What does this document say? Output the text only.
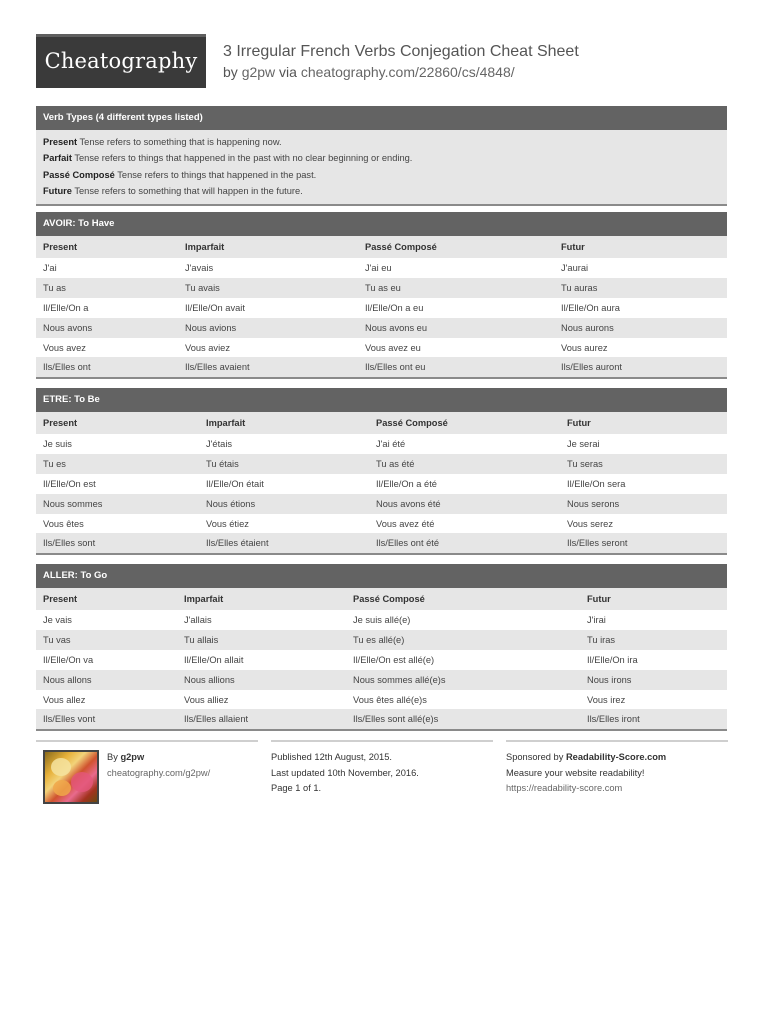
Cheatography	3 Irregular French Verbs Conjegation Cheat Sheet
by g2pw via cheatography.com/22860/cs/4848/
Verb Types (4 different types listed)
Present Tense refers to something that is happening now.
Parfait Tense refers to things that happened in the past with no clear beginning or ending.
Passé Composé Tense refers to things that happened in the past.
Future Tense refers to something that will happen in the future.
AVOIR: To Have
Present	Imparfait	Passé Composé	Futur
J'ai	J'avais	J'ai eu	J'aurai
Tu as	Tu avais	Tu as eu	Tu auras
Il/Elle/On a	Il/Elle/On avait	Il/Elle/On a eu	Il/Elle/On aura
Nous avons	Nous avions	Nous avons eu	Nous aurons
Vous avez	Vous aviez	Vous avez eu	Vous aurez
Ils/Elles ont	Ils/Elles avaient	Ils/Elles ont eu	Ils/Elles auront
ETRE: To Be
Present	Imparfait	Passé Composé	Futur
Je suis	J'étais	J'ai été	Je serai
Tu es	Tu étais	Tu as été	Tu seras
Il/Elle/On est	Il/Elle/On était	Il/Elle/On a été	Il/Elle/On sera
Nous sommes	Nous étions	Nous avons été	Nous serons
Vous êtes	Vous étiez	Vous avez été	Vous serez
Ils/Elles sont	Ils/Elles étaient	Ils/Elles ont été	Ils/Elles seront
ALLER: To Go
Present	Imparfait	Passé Composé	Futur
Je vais	J'allais	Je suis allé(e)	J'irai
Tu vas	Tu allais	Tu es allé(e)	Tu iras
Il/Elle/On va	Il/Elle/On allait	Il/Elle/On est allé(e)	Il/Elle/On ira
Nous allons	Nous allions	Nous sommes allé(e)s	Nous irons
Vous allez	Vous alliez	Vous êtes allé(e)s	Vous irez
Ils/Elles vont	Ils/Elles allaient	Ils/Elles sont allé(e)s	Ils/Elles iront
By g2pw
cheatography.com/g2pw/
Published 12th August, 2015.
Last updated 10th November, 2016.
Page 1 of 1.
Sponsored by Readability-Score.com
Measure your website readability!
https://readability-score.com
